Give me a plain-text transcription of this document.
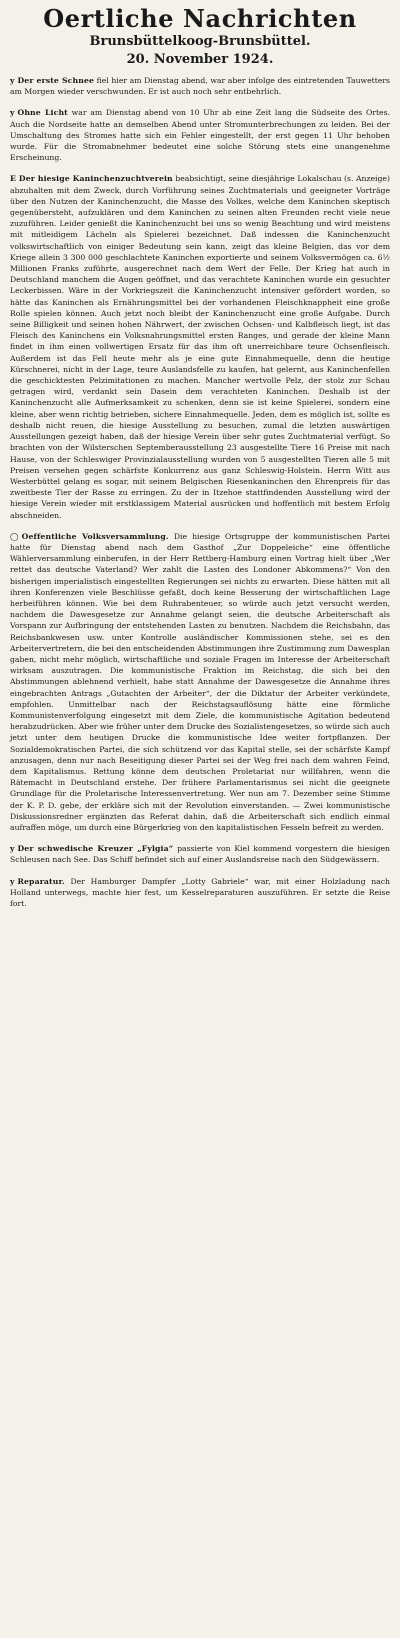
Oertliche Nachrichten
Brunsbüttelkoog-Brunsbüttel.
20. November 1924.

y Der erste Schnee fiel hier am Dienstag abend, war aber infolge des eintretenden Tauwetters am Morgen wieder verschwunden. Er ist auch noch sehr entbehrlich.

y Ohne Licht war am Dienstag abend von 10 Uhr ab eine Zeit lang die Südseite des Ortes. Auch die Nordseite hatte an demselben Abend unter Stromunterbrechungen zu leiden. Bei der Umschaltung des Stromes hatte sich ein Fehler eingestellt, der erst gegen 11 Uhr behoben wurde. Für die Stromabnehmer bedeutet eine solche Störung stets eine unangenehme Erscheinung.

E Der hiesige Kaninchenzuchtverein beabsichtigt, seine diesjährige Lokalschau (s. Anzeige) abzuhalten mit dem Zweck, durch Vorführung seines Zuchtmaterials und geeigneter Vorträge über den Nutzen der Kaninchenzucht, die Masse des Volkes, welche dem Kaninchen skeptisch gegenübersteht, aufzuklären und dem Kaninchen zu seinen alten Freunden recht viele neue zuzuführen. Leider genießt die Kaninchenzucht bei uns so wenig Beachtung und wird meistens mit mitleidigem Lächeln als Spielerei bezeichnet. Daß indessen die Kaninchenzucht volkswirtschaftlich von einiger Bedeutung sein kann, zeigt das kleine Belgien, das vor dem Kriege allein 3 300 000 geschlachtete Kaninchen exportierte und seinem Volksvermögen ca. 6½ Millionen Franks zuführte, ausgerechnet nach dem Wert der Felle. Der Krieg hat auch in Deutschland manchem die Augen geöffnet, und das verachtete Kaninchen wurde ein gesuchter Leckerbissen. Wäre in der Vorkriegszeit die Kaninchenzucht intensiver gefördert worden, so hätte das Kaninchen als Ernährungsmittel bei der vorhandenen Fleischknappheit eine große Rolle spielen können. Auch jetzt noch bleibt der Kaninchenzucht eine große Aufgabe. Durch seine Billigkeit und seinen hohen Nährwert, der zwischen Ochsen- und Kalbfleisch liegt, ist das Fleisch des Kaninchens ein Volksnahrungsmittel ersten Ranges, und gerade der kleine Mann findet in ihm einen vollwertigen Ersatz für das ihm oft unerreichbare teure Ochsenfleisch. Außerdem ist das Fell heute mehr als je eine gute Einnahmequelle, denn die heutige Kürschnerei, nicht in der Lage, teure Auslandsfelle zu kaufen, hat gelernt, aus Kaninchenfellen die geschicktesten Pelzimitationen zu machen. Mancher wertvolle Pelz, der stolz zur Schau getragen wird, verdankt sein Dasein dem verachteten Kaninchen. Deshalb ist der Kaninchenzucht alle Aufmerksamkeit zu schenken, denn sie ist keine Spielerei, sondern eine kleine, aber wenn richtig betrieben, sichere Einnahmequelle. Jeden, dem es möglich ist, sollte es deshalb nicht reuen, die hiesige Ausstellung zu besuchen, zumal die letzten auswärtigen Ausstellungen gezeigt haben, daß der hiesige Verein über sehr gutes Zuchtmaterial verfügt. So brachten von der Wilsterschen Septemberausstellung 23 ausgestellte Tiere 16 Preise mit nach Hause, von der Schleswiger Provinzialausstellung wurden von 5 ausgestellten Tieren alle 5 mit Preisen versehen gegen schärfste Konkurrenz aus ganz Schleswig-Holstein. Herrn Witt aus Westerbüttel gelang es sogar, mit seinem Belgischen Riesenkaninchen den Ehrenpreis für das zweitbeste Tier der Rasse zu erringen. Zu der in Itzehoe stattfindenden Ausstellung wird der hiesige Verein wieder mit erstklassigem Material ausrücken und hoffentlich mit bestem Erfolg abschneiden.

◯ Oeffentliche Volksversammlung. Die hiesige Ortsgruppe der kommunistischen Partei hatte für Dienstag abend nach dem Gasthof „Zur Doppeleiche“ eine öffentliche Wählerversammlung einberufen, in der Herr Rettberg-Hamburg einen Vortrag hielt über „Wer rettet das deutsche Vaterland? Wer zahlt die Lasten des Londoner Abkommens?“ Von den bisherigen imperialistisch eingestellten Regierungen sei nichts zu erwarten. Diese hätten mit all ihren Konferenzen viele Beschlüsse gefaßt, doch keine Besserung der wirtschaftlichen Lage herbeiführen können. Wie bei dem Ruhrabenteuer, so würde auch jetzt versucht werden, nachdem die Dawesgesetze zur Annahme gelangt seien, die deutsche Arbeiterschaft als Vorspann zur Aufbringung der entstehenden Lasten zu benutzen. Nachdem die Reichsbahn, das Reichsbankwesen usw. unter Kontrolle ausländischer Kommissionen stehe, sei es den Arbeitervertretern, die bei den entscheidenden Abstimmungen ihre Zustimmung zum Dawesplan gaben, nicht mehr möglich, wirtschaftliche und soziale Fragen im Interesse der Arbeiterschaft wirksam auszutragen. Die kommunistische Fraktion im Reichstag, die sich bei den Abstimmungen ablehnend verhielt, habe statt Annahme der Dawesgesetze die Annahme ihres eingebrachten Antrags „Gutachten der Arbeiter“, der die Diktatur der Arbeiter verkündete, empfohlen. Unmittelbar nach der Reichstagsauflösung hätte eine förmliche Kommunistenverfolgung eingesetzt mit dem Ziele, die kommunistische Agitation bedeutend herabzudrücken. Aber wie früher unter dem Drucke des Sozialistengesetzes, so würde sich auch jetzt unter dem heutigen Drucke die kommunistische Idee weiter fortpflanzen. Der Sozialdemokratischen Partei, die sich schützend vor das Kapital stelle, sei der schärfste Kampf anzusagen, denn nur nach Beseitigung dieser Partei sei der Weg frei nach dem wahren Feind, dem Kapitalismus. Rettung könne dem deutschen Proletariat nur willfahren, wenn die Rätemacht in Deutschland erstehe. Der frühere Parlamentarismus sei nicht die geeignete Grundlage für die Proletarische Interessenvertretung. Wer nun am 7. Dezember seine Stimme der K. P. D. gebe, der erkläre sich mit der Revolution einverstanden. — Zwei kommunistische Diskussionsredner ergänzten das Referat dahin, daß die Arbeiterschaft sich endlich einmal aufraffen möge, um durch eine Bürgerkrieg von den kapitalistischen Fesseln befreit zu werden.

y Der schwedische Kreuzer „Fylgia“ passierte von Kiel kommend vorgestern die hiesigen Schleusen nach See. Das Schiff befindet sich auf einer Auslandsreise nach den Südgewässern.

y Reparatur. Der Hamburger Dampfer „Lotty Gabriele“ war, mit einer Holzladung nach Holland unterwegs, machte hier fest, um Kesselreparaturen auszuführen. Er setzte die Reise fort.
